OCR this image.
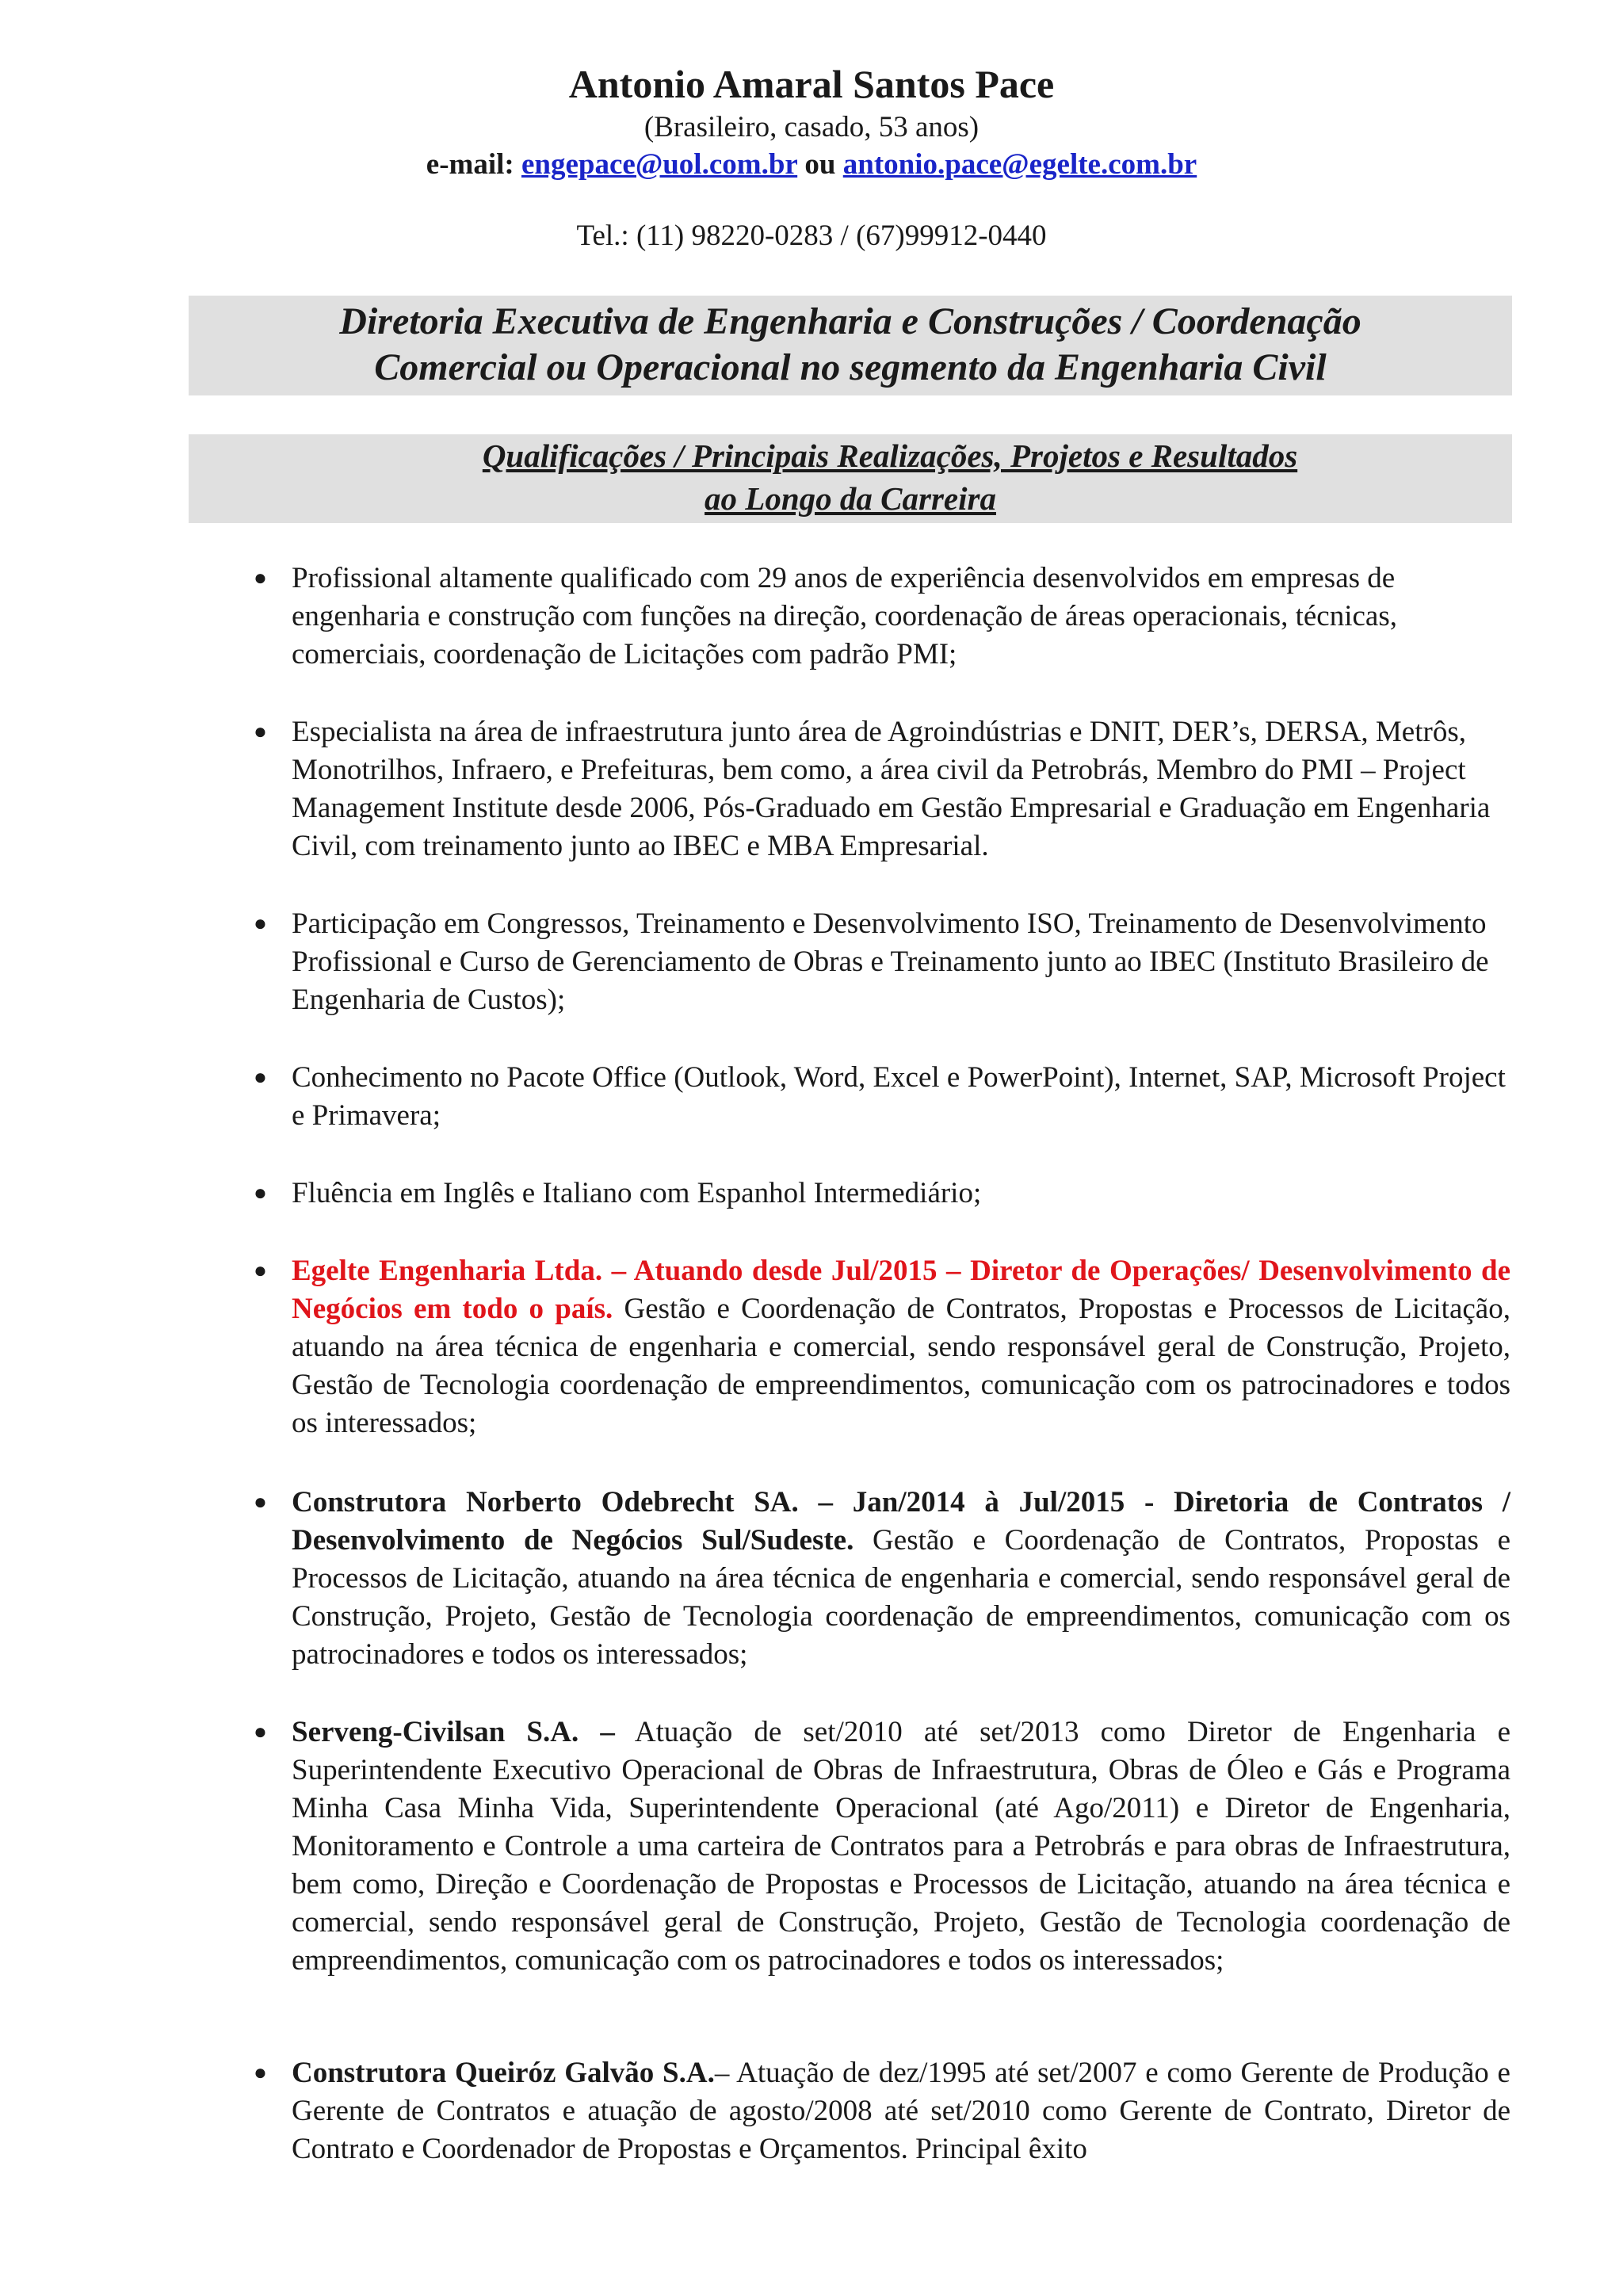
Antonio Amaral Santos Pace
(Brasileiro, casado, 53 anos)
e-mail: engepace@uol.com.br ou antonio.pace@egelte.com.br
Tel.: (11) 98220-0283 / (67)99912-0440
Diretoria Executiva de Engenharia e Construções / Coordenação
Comercial ou Operacional no segmento da Engenharia Civil
Qualificações / Principais Realizações, Projetos e Resultados
ao Longo da Carreira
● Profissional altamente qualificado com 29 anos de experiência desenvolvidos em empresas de engenharia e construção com funções na direção, coordenação de áreas operacionais, técnicas, comerciais, coordenação de Licitações com padrão PMI;
● Especialista na área de infraestrutura junto área de Agroindústrias e DNIT, DER’s, DERSA, Metrôs, Monotrilhos, Infraero, e Prefeituras, bem como, a área civil da Petrobrás, Membro do PMI – Project Management Institute desde 2006, Pós-Graduado em Gestão Empresarial e Graduação em Engenharia Civil, com treinamento junto ao IBEC e MBA Empresarial.
● Participação em Congressos, Treinamento e Desenvolvimento ISO, Treinamento de Desenvolvimento Profissional e Curso de Gerenciamento de Obras e Treinamento junto ao IBEC (Instituto Brasileiro de Engenharia de Custos);
● Conhecimento no Pacote Office (Outlook, Word, Excel e PowerPoint), Internet, SAP, Microsoft Project e Primavera;
● Fluência em Inglês e Italiano com Espanhol Intermediário;
● Egelte Engenharia Ltda. – Atuando desde Jul/2015 – Diretor de Operações/ Desenvolvimento de Negócios em todo o país. Gestão e Coordenação de Contratos, Propostas e Processos de Licitação, atuando na área técnica de engenharia e comercial, sendo responsável geral de Construção, Projeto, Gestão de Tecnologia coordenação de empreendimentos, comunicação com os patrocinadores e todos os interessados;
● Construtora Norberto Odebrecht SA. – Jan/2014 à Jul/2015 - Diretoria de Contratos / Desenvolvimento de Negócios Sul/Sudeste. Gestão e Coordenação de Contratos, Propostas e Processos de Licitação, atuando na área técnica de engenharia e comercial, sendo responsável geral de Construção, Projeto, Gestão de Tecnologia coordenação de empreendimentos, comunicação com os patrocinadores e todos os interessados;
● Serveng-Civilsan S.A. – Atuação de set/2010 até set/2013 como Diretor de Engenharia e Superintendente Executivo Operacional de Obras de Infraestrutura, Obras de Óleo e Gás e Programa Minha Casa Minha Vida, Superintendente Operacional (até Ago/2011) e Diretor de Engenharia, Monitoramento e Controle a uma carteira de Contratos para a Petrobrás e para obras de Infraestrutura, bem como, Direção e Coordenação de Propostas e Processos de Licitação, atuando na área técnica e comercial, sendo responsável geral de Construção, Projeto, Gestão de Tecnologia coordenação de empreendimentos, comunicação com os patrocinadores e todos os interessados;
● Construtora Queiróz Galvão S.A.– Atuação de dez/1995 até set/2007 e como Gerente de Produção e Gerente de Contratos e atuação de agosto/2008 até set/2010 como Gerente de Contrato, Diretor de Contrato e Coordenador de Propostas e Orçamentos. Principal êxito
